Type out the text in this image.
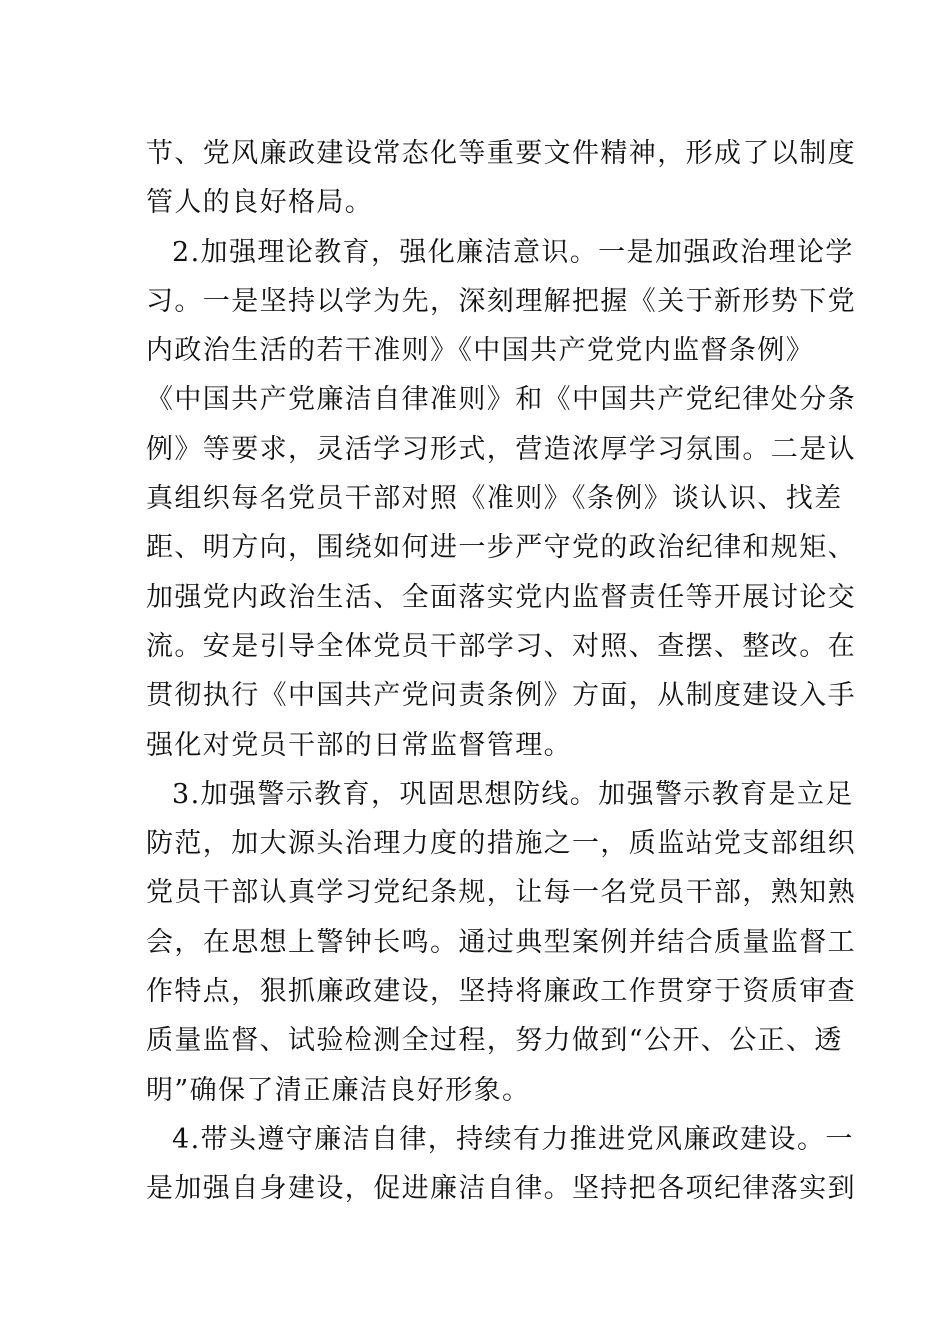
节、党风廉政建设常态化等重要文件精神，形成了以制度
管人的良好格局。
2.加强理论教育，强化廉洁意识。一是加强政治理论学
习。一是坚持以学为先，深刻理解把握《关于新形势下党
内政治生活的若干准则》《中国共产党党内监督条例》
《中国共产党廉洁自律准则》和《中国共产党纪律处分条
例》等要求，灵活学习形式，营造浓厚学习氛围。二是认
真组织每名党员干部对照《准则》《条例》谈认识、找差
距、明方向，围绕如何进一步严守党的政治纪律和规矩、
加强党内政治生活、全面落实党内监督责任等开展讨论交
流。安是引导全体党员干部学习、对照、查摆、整改。在
贯彻执行《中国共产党问责条例》方面，从制度建设入手
强化对党员干部的日常监督管理。
3.加强警示教育，巩固思想防线。加强警示教育是立足
防范，加大源头治理力度的措施之一，质监站党支部组织
党员干部认真学习党纪条规，让每一名党员干部，熟知熟
会，在思想上警钟长鸣。通过典型案例并结合质量监督工
作特点，狠抓廉政建设，坚持将廉政工作贯穿于资质审查
质量监督、试验检测全过程，努力做到“公开、公正、透
明”确保了清正廉洁良好形象。
4.带头遵守廉洁自律，持续有力推进党风廉政建设。一
是加强自身建设，促进廉洁自律。坚持把各项纪律落实到
